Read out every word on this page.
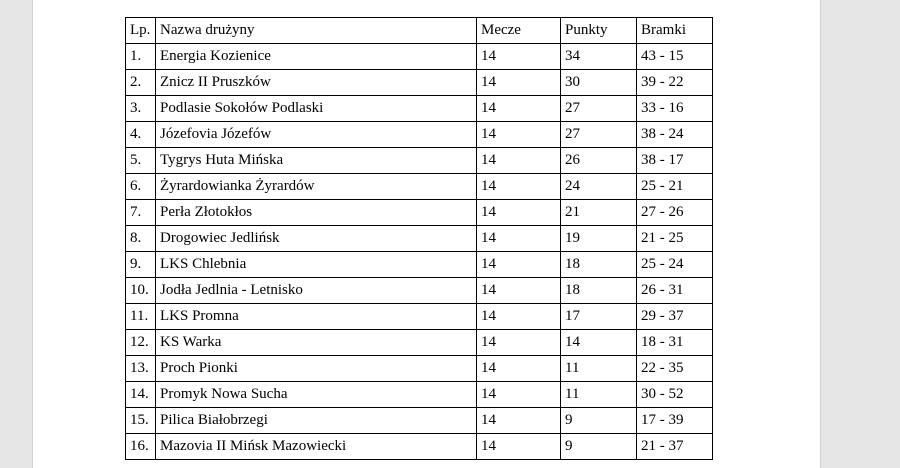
Lp.	Nazwa drużyny	Mecze	Punkty	Bramki
1.	Energia Kozienice	14	34	43 - 15
2.	Znicz II Pruszków	14	30	39 - 22
3.	Podlasie Sokołów Podlaski	14	27	33 - 16
4.	Józefovia Józefów	14	27	38 - 24
5.	Tygrys Huta Mińska	14	26	38 - 17
6.	Żyrardowianka Żyrardów	14	24	25 - 21
7.	Perła Złotokłos	14	21	27 - 26
8.	Drogowiec Jedlińsk	14	19	21 - 25
9.	LKS Chlebnia	14	18	25 - 24
10.	Jodła Jedlnia - Letnisko	14	18	26 - 31
11.	LKS Promna	14	17	29 - 37
12.	KS Warka	14	14	18 - 31
13.	Proch Pionki	14	11	22 - 35
14.	Promyk Nowa Sucha	14	11	30 - 52
15.	Pilica Białobrzegi	14	9	17 - 39
16.	Mazovia II Mińsk Mazowiecki	14	9	21 - 37
